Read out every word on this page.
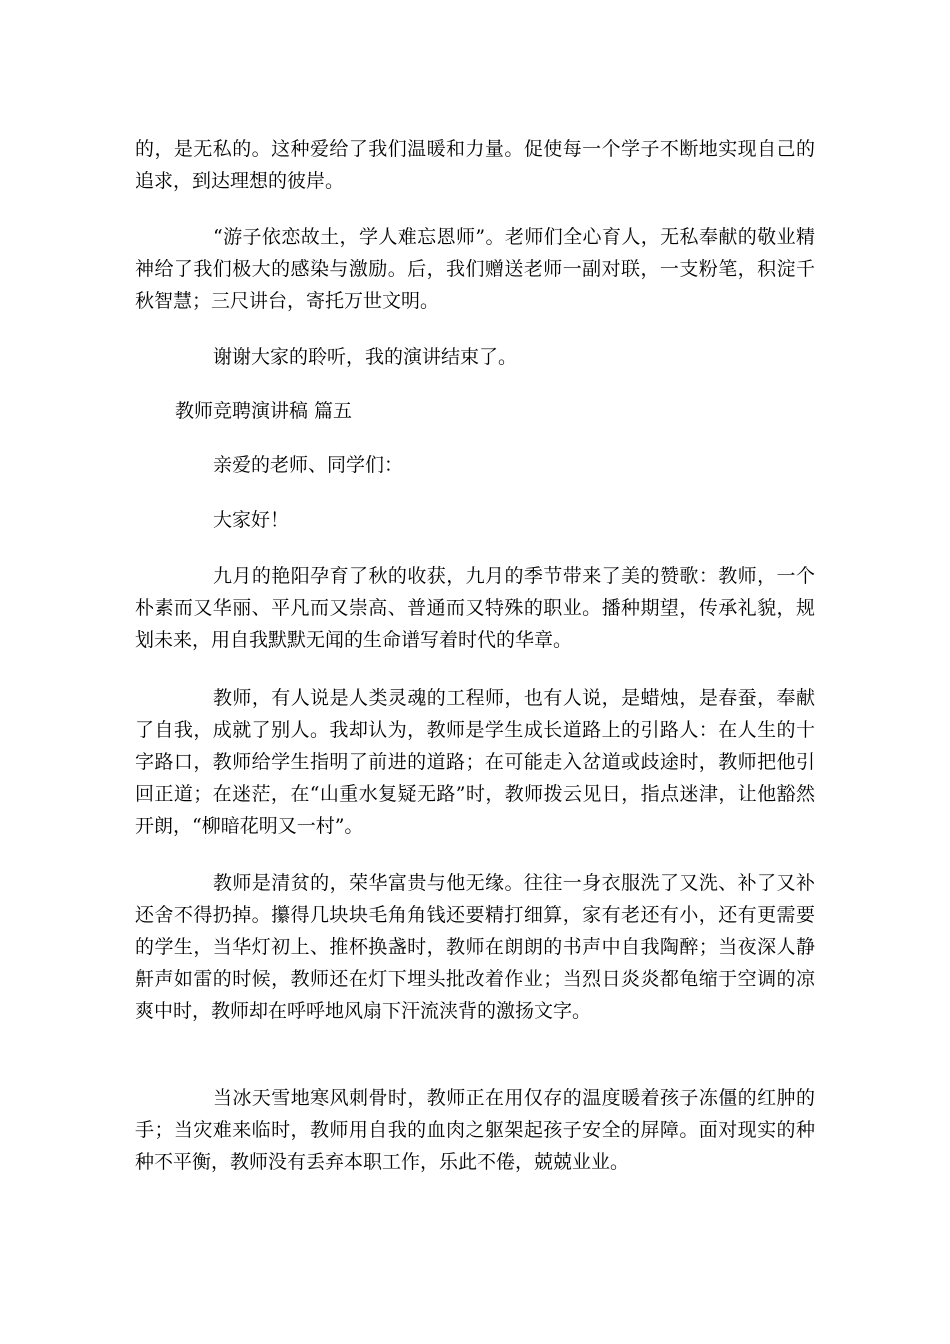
的，是无私的。这种爱给了我们温暖和力量。促使每一个学子不断地实现自己的追求，到达理想的彼岸。

“游子依恋故土，学人难忘恩师”。老师们全心育人，无私奉献的敬业精神给了我们极大的感染与激励。后，我们赠送老师一副对联，一支粉笔，积淀千秋智慧；三尺讲台，寄托万世文明。

谢谢大家的聆听，我的演讲结束了。

教师竞聘演讲稿 篇五

亲爱的老师、同学们：

大家好！

九月的艳阳孕育了秋的收获，九月的季节带来了美的赞歌：教师，一个朴素而又华丽、平凡而又崇高、普通而又特殊的职业。播种期望，传承礼貌，规划未来，用自我默默无闻的生命谱写着时代的华章。

教师，有人说是人类灵魂的工程师，也有人说，是蜡烛，是春蚕，奉献了自我，成就了别人。我却认为，教师是学生成长道路上的引路人：在人生的十字路口，教师给学生指明了前进的道路；在可能走入岔道或歧途时，教师把他引回正道；在迷茫，在“山重水复疑无路”时，教师拨云见日，指点迷津，让他豁然开朗，“柳暗花明又一村”。

教师是清贫的，荣华富贵与他无缘。往往一身衣服洗了又洗、补了又补还舍不得扔掉。攥得几块块毛角角钱还要精打细算，家有老还有小，还有更需要的学生，当华灯初上、推杯换盏时，教师在朗朗的书声中自我陶醉；当夜深人静鼾声如雷的时候，教师还在灯下埋头批改着作业；当烈日炎炎都龟缩于空调的凉爽中时，教师却在呼呼地风扇下汗流浃背的激扬文字。

当冰天雪地寒风刺骨时，教师正在用仅存的温度暖着孩子冻僵的红肿的手；当灾难来临时，教师用自我的血肉之躯架起孩子安全的屏障。面对现实的种种不平衡，教师没有丢弃本职工作，乐此不倦，兢兢业业。
